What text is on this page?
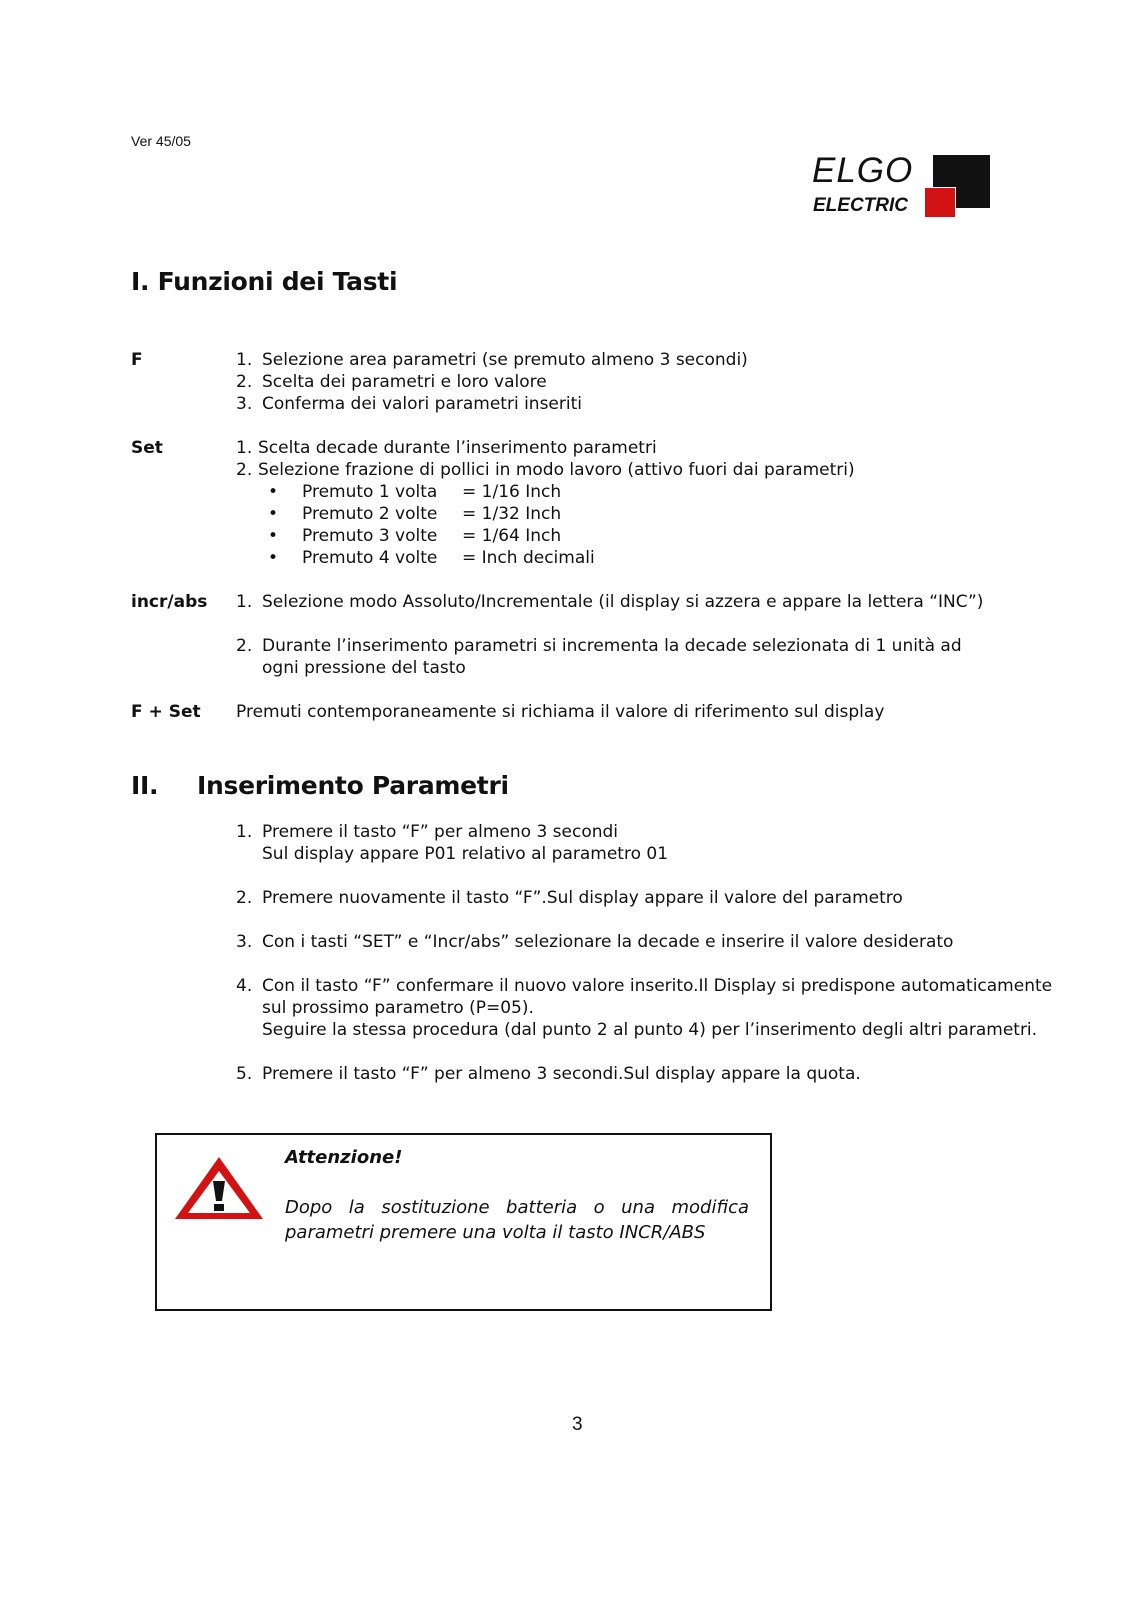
Ver 45/05
ELGO
ELECTRIC
I. Funzioni dei Tasti
F	1. Selezione area parametri (se premuto almeno 3 secondi)
2. Scelta dei parametri e loro valore
3. Conferma dei valori parametri inseriti
Set	1. Scelta decade durante l’inserimento parametri
2. Selezione frazione di pollici in modo lavoro (attivo fuori dai parametri)
• Premuto 1 volta = 1/16 Inch
• Premuto 2 volte = 1/32 Inch
• Premuto 3 volte = 1/64 Inch
• Premuto 4 volte = Inch decimali
incr/abs 1. Selezione modo Assoluto/Incrementale (il display si azzera e appare la lettera “INC”)
2. Durante l’inserimento parametri si incrementa la decade selezionata di 1 unità ad
ogni pressione del tasto
F + Set Premuti contemporaneamente si richiama il valore di riferimento sul display
II. Inserimento Parametri
1. Premere il tasto “F” per almeno 3 secondi
Sul display appare P01 relativo al parametro 01
2. Premere nuovamente il tasto “F”.Sul display appare il valore del parametro
3. Con i tasti “SET” e “Incr/abs” selezionare la decade e inserire il valore desiderato
4. Con il tasto “F” confermare il nuovo valore inserito.Il Display si predispone automaticamente
sul prossimo parametro (P=05).
Seguire la stessa procedura (dal punto 2 al punto 4) per l’inserimento degli altri parametri.
5. Premere il tasto “F” per almeno 3 secondi.Sul display appare la quota.
Attenzione!
Dopo la sostituzione batteria o una modifica parametri premere una volta il tasto INCR/ABS
3
